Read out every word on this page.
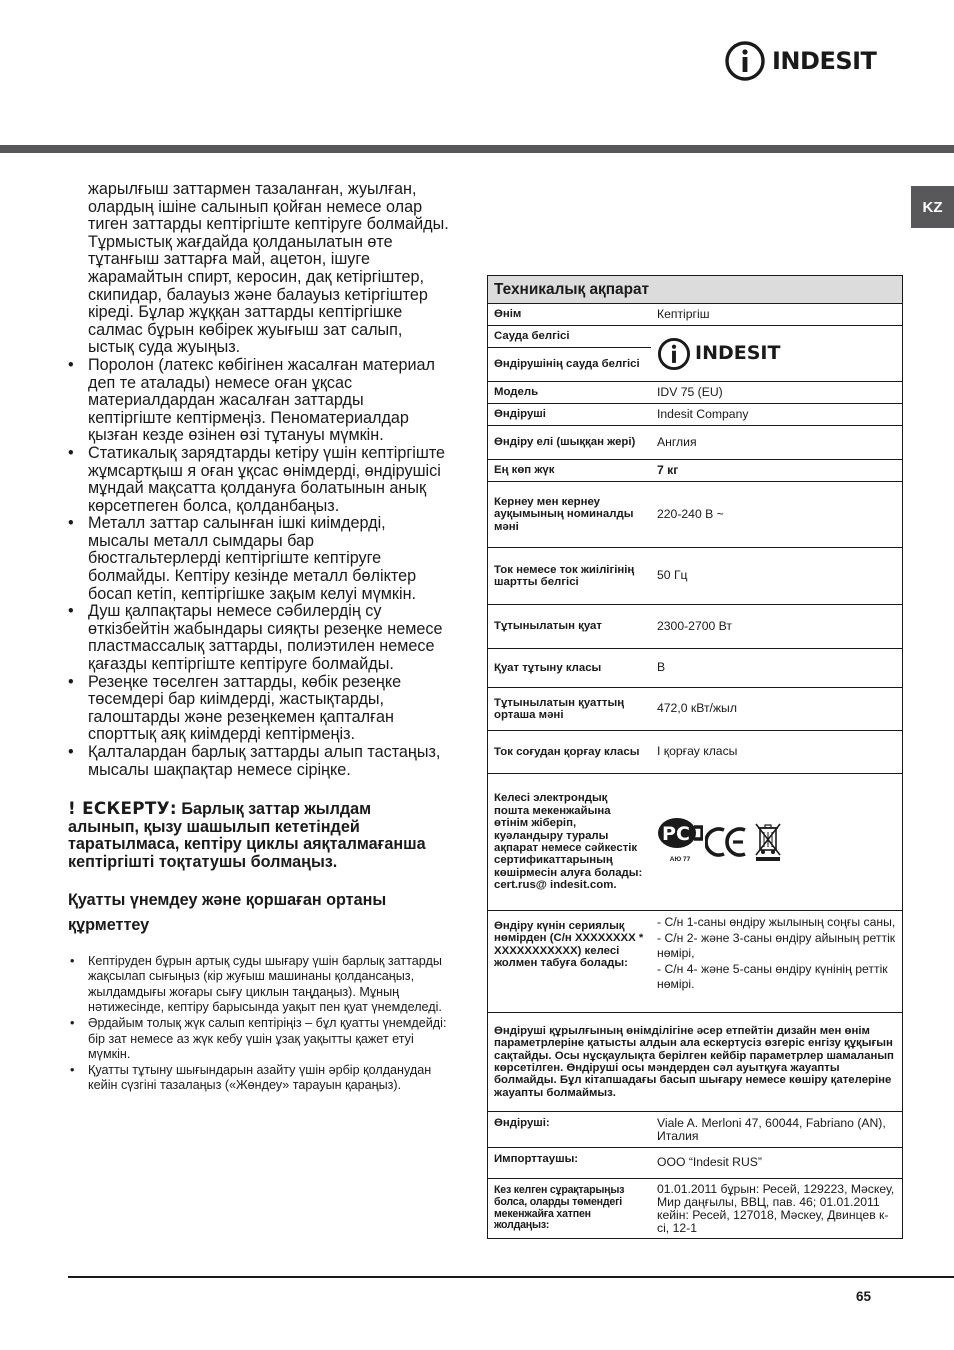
INDESIT
KZ

жарылғыш заттармен тазаланған, жуылған, олардың ішіне салынып қойған немесе олар тиген заттарды кептіргіште кептіруге болмайды. Тұрмыстық жағдайда қолданылатын өте тұтанғыш заттарға май, ацетон, ішуге жарамайтын спирт, керосин, дақ кетіргіштер, скипидар, балауыз және балауыз кетіргіштер кіреді. Бұлар жұққан заттарды кептіргішке салмас бұрын көбірек жуығыш зат салып, ыстық суда жуыңыз.

• Поролон (латекс көбігінен жасалған материал деп те аталады) немесе оған ұқсас материалдардан жасалған заттарды кептіргіште кептірмеңіз. Пеноматериалдар қызған кезде өзінен өзі тұтануы мүмкін.
• Статикалық зарядтарды кетіру үшін кептіргіште жұмсартқыш я оған ұқсас өнімдерді, өндірушісі мұндай мақсатта қолдануға болатынын анық көрсетпеген болса, қолданбаңыз.
• Металл заттар салынған ішкі киімдерді, мысалы металл сымдары бар бюстгальтерлерді кептіргіште кептіруге болмайды. Кептіру кезінде металл бөліктер босап кетіп, кептіргішке зақым келуі мүмкін.
• Душ қалпақтары немесе сәбилердің су өткізбейтін жабындары сияқты резеңке немесе пластмассалық заттарды, полиэтилен немесе қағазды кептіргіште кептіруге болмайды.
• Резеңке төселген заттарды, көбік резеңке төсемдері бар киімдерді, жастықтарды, галоштарды және резеңкемен қапталған спорттық аяқ киімдерді кептірмеңіз.
• Қалталардан барлық заттарды алып тастаңыз, мысалы шақпақтар немесе сіріңке.
! ЕСКЕРТУ: Барлық заттар жылдам алынып, қызу шашылып кететіндей таратылмаса, кептіру циклы аяқталмағанша кептіргішті тоқтатушы болмаңыз.
Қуатты үнемдеу және қоршаған ортаны құрметтеу
• Кептіруден бұрын артық суды шығару үшін барлық заттарды жақсылап сығыңыз (кір жуғыш машинаны қолдансаңыз, жылдамдығы жоғары сығу циклын таңдаңыз). Мұның нәтижесінде, кептіру барысында уақыт пен қуат үнемделеді.
• Әрдайым толық жүк салып кептіріңіз – бұл қуатты үнемдейді: бір зат немесе аз жүк кебу үшін ұзақ уақытты қажет етуі мүмкін.
• Қуатты тұтыну шығындарын азайту үшін әрбір қолданудан кейін сүзгіні тазалаңыз («Жөндеу» тарауын қараңыз).
Техникалық ақпарат	
Өнім	Кептіргіш
Сауда белгісі	INDESIT

Өндірушінің сауда белгісі	
Модель	IDV 75 (EU)
Өндіруші	Indesit Company
Өндіру елі (шыққан жері)	Англия
Ең көп жүк	7 кг
Кернеу мен кернеу ауқымының номиналды мәні	220-240 В ~
Ток немесе ток жиілігінің шартты белгісі	50 Гц
Тұтынылатын қуат	2300-2700 Вт
Қуат тұтыну класы	B
Тұтынылатын қуаттың орташа мәні	472,0 кВт/жыл
Ток соғудан қорғау класы	I қорғау класы
Келесі электрондық пошта мекенжайына өтінім жіберіп, куәландыру туралы ақпарат немесе сәйкестік сертификаттарының көшірмесін алуға болады: cert.rus@ indesit.com.	Р С
АЮ 77

Өндіру күнін сериялық нөмірден (С/н XXXXXXXX * XXXXXXXXXXX) келесі жолмен табуға болады:	- С/н 1-саны өндіру жылының соңғы саны,
- С/н 2- және 3-саны өндіру айының реттік нөмірі,
- С/н 4- және 5-саны өндіру күнінің реттік нөмірі.

Өндіруші құрылғының өнімділігіне әсер етпейтін дизайн мен өнім параметрлеріне қатысты алдын ала ескертусіз өзгеріс енгізу құқығын сақтайды. Осы нұсқаулықта берілген кейбір параметрлер шамаланып көрсетілген. Өндіруші осы мәндерден сәл ауытқуға жауапты болмайды. Бұл кітапшадағы басып шығару немесе көшіру қателеріне жауапты болмаймыз.	
Өндіруші:	Viale A. Merloni 47, 60044, Fabriano (AN), Италия
Импорттаушы:	ООО “Indesit RUS”
Кез келген сұрақтарыңыз болса, оларды төмендегі мекенжайға хатпен жолдаңыз:	01.01.2011 бұрын: Ресей, 129223, Мәскеу, Мир даңғылы, ВВЦ, пав. 46; 01.01.2011 кейін: Ресей, 127018, Мәскеу, Двинцев к-сі, 12-1
65
